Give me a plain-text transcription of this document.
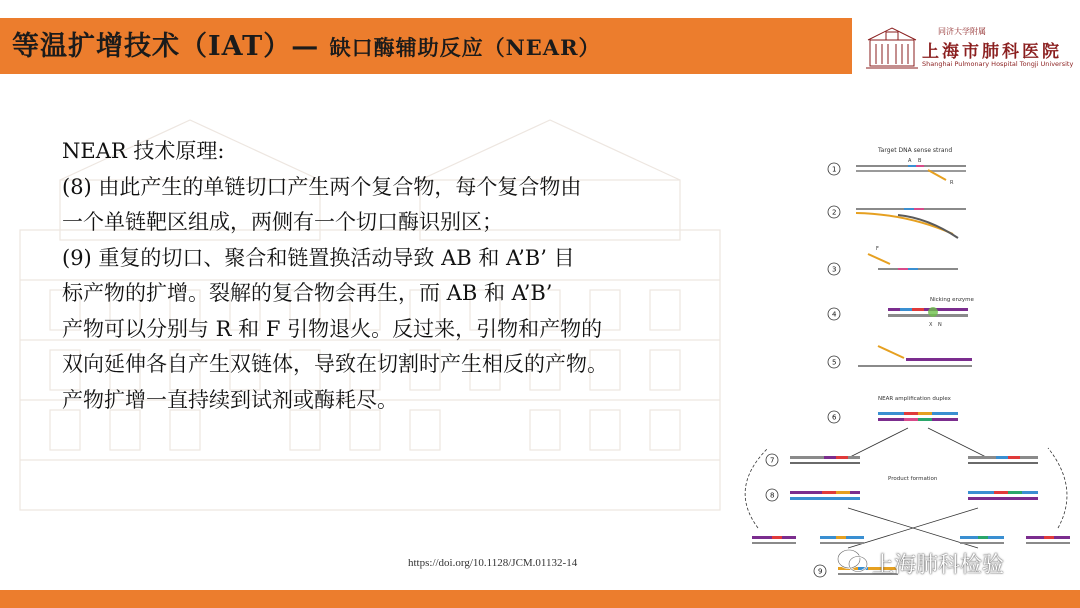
等温扩增技术（IAT）— 缺口酶辅助反应（NEAR）
同济大学附属
上海市肺科医院
Shanghai Pulmonary Hospital Tongji University
NEAR 技术原理:
(8) 由此产生的单链切口产生两个复合物，每个复合物由
一个单链靶区组成，两侧有一个切口酶识别区；
(9) 重复的切口、聚合和链置换活动导致 AB 和 A’B’ 目
标产物的扩增。裂解的复合物会再生，而 AB 和 A’B’
产物可以分别与 R 和 F 引物退火。反过来，引物和产物的
双向延伸各自产生双链体，导致在切割时产生相反的产物。
产物扩增一直持续到试剂或酶耗尽。
https://doi.org/10.1128/JCM.01132-14
Target DNA sense strand
1
A B
R
2
3
F
4
Nicking enzyme
X N
5
NEAR amplification duplex
6
7
Product formation
8
9 上海肺科检验
